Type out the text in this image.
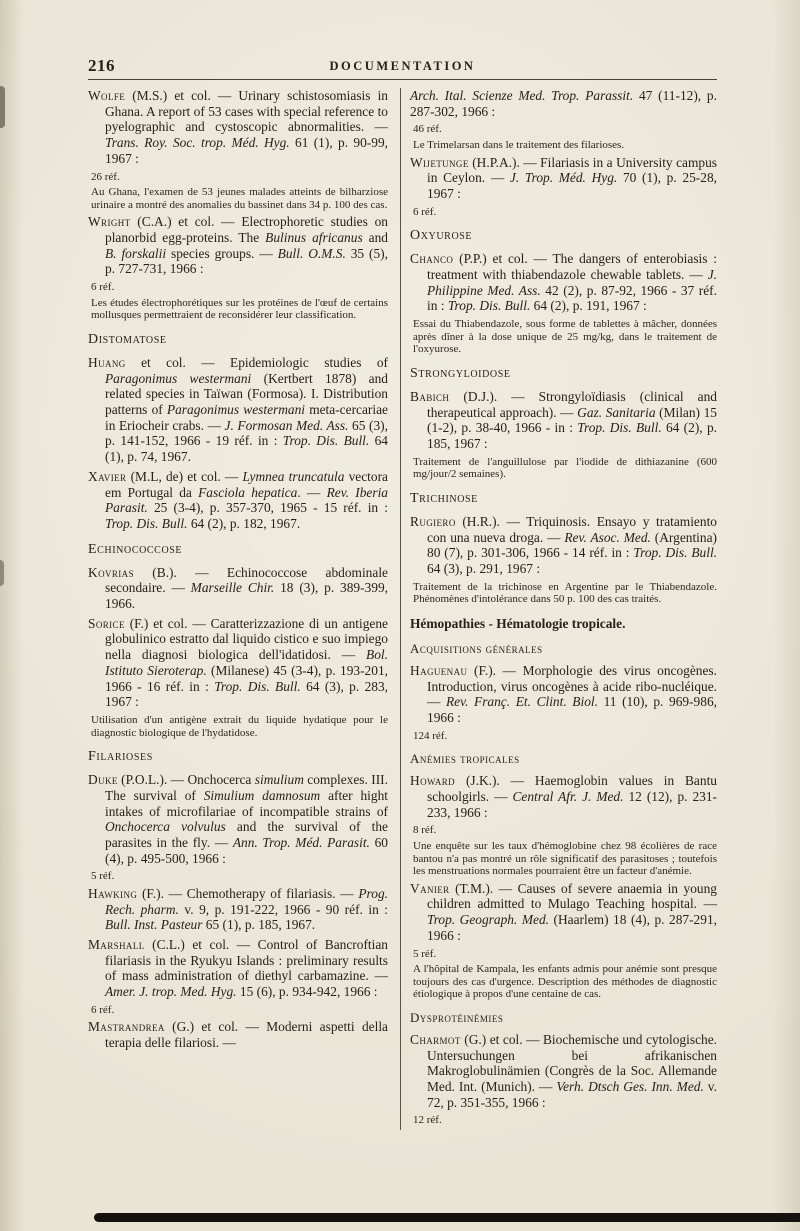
216	DOCUMENTATION

Wolfe (M.S.) et col. — Urinary schistosomiasis in Ghana. A report of 53 cases with special reference to pyelographic and cystoscopic abnormalities. — Trans. Roy. Soc. trop. Méd. Hyg. 61 (1), p. 90-99, 1967 :

26 réf.

Au Ghana, l'examen de 53 jeunes malades atteints de bilharziose urinaire a montré des anomalies du bassinet dans 34 p. 100 des cas.

Wright (C.A.) et col. — Electrophoretic studies on planorbid egg-proteins. The Bulinus africanus and B. forskalii species groups. — Bull. O.M.S. 35 (5), p. 727-731, 1966 :

6 réf.

Les études électrophorétiques sur les protéines de l'œuf de certains mollusques permettraient de reconsidérer leur classification.

Distomatose

Huang et col. — Epidemiologic studies of Paragonimus westermani (Kertbert 1878) and related species in Taïwan (Formosa). I. Distribution patterns of Paragonimus westermani meta-cercariae in Eriocheir crabs. — J. Formosan Med. Ass. 65 (3), p. 141-152, 1966 - 19 réf. in : Trop. Dis. Bull. 64 (1), p. 74, 1967.

Xavier (M.L, de) et col. — Lymnea truncatula vectora em Portugal da Fasciola hepatica. — Rev. Iberia Parasit. 25 (3-4), p. 357-370, 1965 - 15 réf. in : Trop. Dis. Bull. 64 (2), p. 182, 1967.

Echinococcose

Kovrias (B.). — Echinococcose abdominale secondaire. — Marseille Chir. 18 (3), p. 389-399, 1966.

Sorice (F.) et col. — Caratterizzazione di un antigene globulinico estratto dal liquido cistico e suo impiego nella diagnosi biologica dell'idatidosi. — Bol. Istituto Sieroterap. (Milanese) 45 (3-4), p. 193-201, 1966 - 16 réf. in : Trop. Dis. Bull. 64 (3), p. 283, 1967 :

Utilisation d'un antigène extrait du liquide hydatique pour le diagnostic biologique de l'hydatidose.

Filarioses

Duke (P.O.L.). — Onchocerca simulium complexes. III. The survival of Simulium damnosum after hight intakes of microfilariae of incompatible strains of Onchocerca volvulus and the survival of the parasites in the fly. — Ann. Trop. Méd. Parasit. 60 (4), p. 495-500, 1966 :

5 réf.

Hawking (F.). — Chemotherapy of filariasis. — Prog. Rech. pharm. v. 9, p. 191-222, 1966 - 90 réf. in : Bull. Inst. Pasteur 65 (1), p. 185, 1967.

Marshall (C.L.) et col. — Control of Bancroftian filariasis in the Ryukyu Islands : preliminary results of mass administration of diethyl carbamazine. — Amer. J. trop. Med. Hyg. 15 (6), p. 934-942, 1966 :

6 réf.

Mastrandrea (G.) et col. — Moderni aspetti della terapia delle filariosi. —

Arch. Ital. Scienze Med. Trop. Parassit. 47 (11-12), p. 287-302, 1966 :

46 réf.

Le Trimelarsan dans le traitement des filarioses.

Wijetunge (H.P.A.). — Filariasis in a University campus in Ceylon. — J. Trop. Méd. Hyg. 70 (1), p. 25-28, 1967 :

6 réf.

Oxyurose

Chanco (P.P.) et col. — The dangers of enterobiasis : treatment with thiabendazole chewable tablets. — J. Philippine Med. Ass. 42 (2), p. 87-92, 1966 - 37 réf. in : Trop. Dis. Bull. 64 (2), p. 191, 1967 :

Essai du Thiabendazole, sous forme de tablettes à mâcher, données après dîner à la dose unique de 25 mg/kg, dans le traitement de l'oxyurose.

Strongyloidose

Babich (D.J.). — Strongyloïdiasis (clinical and therapeutical approach). — Gaz. Sanitaria (Milan) 15 (1-2), p. 38-40, 1966 - in : Trop. Dis. Bull. 64 (2), p. 185, 1967 :

Traitement de l'anguillulose par l'iodide de dithiazanine (600 mg/jour/2 semaines).

Trichinose

Rugiero (H.R.). — Triquinosis. Ensayo y tratamiento con una nueva droga. — Rev. Asoc. Med. (Argentina) 80 (7), p. 301-306, 1966 - 14 réf. in : Trop. Dis. Bull. 64 (3), p. 291, 1967 :

Traitement de la trichinose en Argentine par le Thiabendazole. Phénomènes d'intolérance dans 50 p. 100 des cas traités.

Hémopathies - Hématologie tropicale.

Acquisitions générales

Haguenau (F.). — Morphologie des virus oncogènes. Introduction, virus oncogènes à acide ribo-nucléique. — Rev. Franç. Et. Clint. Biol. 11 (10), p. 969-986, 1966 :

124 réf.

Anémies tropicales

Howard (J.K.). — Haemoglobin values in Bantu schoolgirls. — Central Afr. J. Med. 12 (12), p. 231-233, 1966 :

8 réf.

Une enquête sur les taux d'hémoglobine chez 98 écolières de race bantou n'a pas montré un rôle significatif des parasitoses ; toutefois les menstruations normales pourraient être un facteur d'anémie.

Vanier (T.M.). — Causes of severe anaemia in young children admitted to Mulago Teaching hospital. — Trop. Geograph. Med. (Haarlem) 18 (4), p. 287-291, 1966 :

5 réf.

A l'hôpital de Kampala, les enfants admis pour anémie sont presque toujours des cas d'urgence. Description des méthodes de diagnostic étiologique à propos d'une centaine de cas.

Dysprotéinémies

Charmot (G.) et col. — Biochemische und cytologische. Untersuchungen bei afrikanischen Makroglobulinämien (Congrès de la Soc. Allemande Med. Int. (Munich). — Verh. Dtsch Ges. Inn. Med. v. 72, p. 351-355, 1966 :

12 réf.
